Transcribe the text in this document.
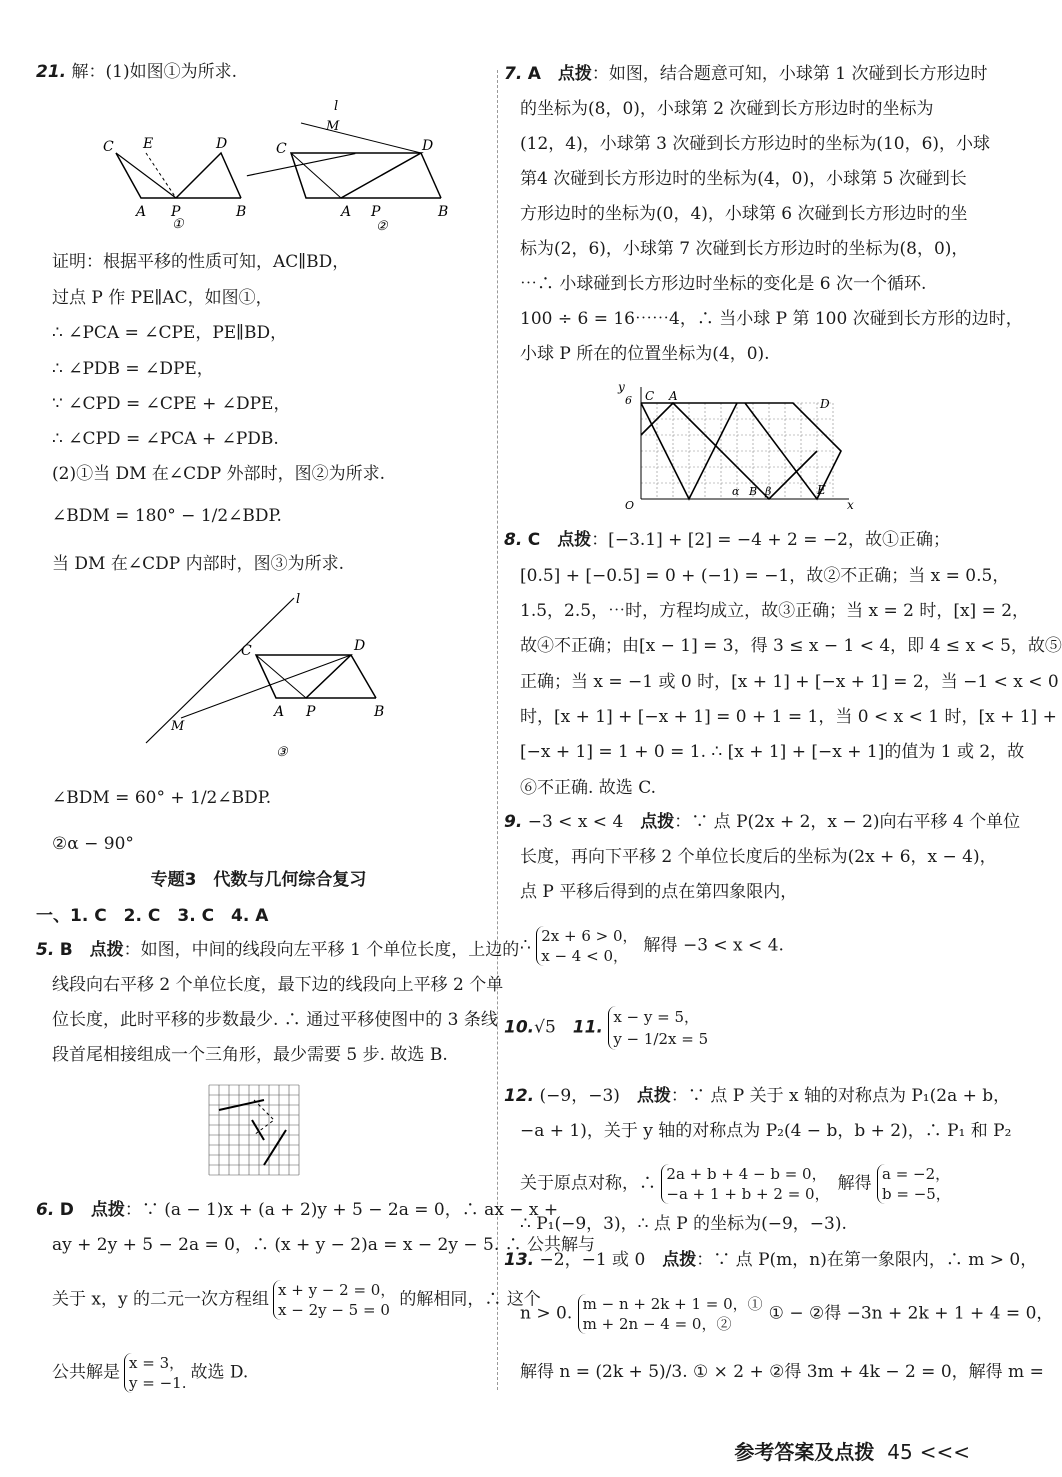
21. 解：(1)如图①为所求.
C E	D
A P	B
①
l
M
C	D
A P	B
②
证明：根据平移的性质可知，AC∥BD，
过点 P 作 PE∥AC，如图①，
∴ ∠PCA = ∠CPE，PE∥BD，
∴ ∠PDB = ∠DPE，
∵ ∠CPD = ∠CPE + ∠DPE，
∴ ∠CPD = ∠PCA + ∠PDB.
(2)①当 DM 在∠CDP 外部时，图②为所求.
∠BDM = 180° − 1/2∠BDP.
当 DM 在∠CDP 内部时，图③为所求.
l
C	D
A P	B
M
③
∠BDM = 60° + 1/2∠BDP.
②α − 90°
专题3　代数与几何综合复习
一、1. C　2. C　3. C　4. A
5. B　 点拨：如图，中间的线段向左平移 1 个单位长度，上边的
线段向右平移 2 个单位长度，最下边的线段向上平移 2 个单
位长度，此时平移的步数最少. ∴ 通过平移使图中的 3 条线
段首尾相接组成一个三角形，最少需要 5 步. 故选 B.
6. D　 点拨：∵ (a − 1)x + (a + 2)y + 5 − 2a = 0，∴ ax − x +
ay + 2y + 5 − 2a = 0，∴ (x + y − 2)a = x − 2y − 5. ∴ 公共解与
关于 x，y 的二元一次方程组 x + y − 2 = 0，
x − 2y − 5 = 0的解相同，∴ 这个
公共解是 x = 3，
y = −1.故选 D.
7. A　 点拨：如图，结合题意可知，小球第 1 次碰到长方形边时
的坐标为(8，0)，小球第 2 次碰到长方形边时的坐标为
(12，4)，小球第 3 次碰到长方形边时的坐标为(10，6)，小球
第4 次碰到长方形边时的坐标为(4，0)，小球第 5 次碰到长
方形边时的坐标为(0，4)，小球第 6 次碰到长方形边时的坐
标为(2，6)，小球第 7 次碰到长方形边时的坐标为(8，0)，
⋯∴ 小球碰到长方形边时坐标的变化是 6 次一个循环.
100 ÷ 6 = 16⋯⋯4，∴ 当小球 P 第 100 次碰到长方形的边时，
小球 P 所在的位置坐标为(4，0).
y
6 C A
D
E
O	x
α B β
8. C　 点拨：[−3.1] + [2] = −4 + 2 = −2，故①正确；
[0.5] + [−0.5] = 0 + (−1) = −1，故②不正确；当 x = 0.5，
1.5，2.5，⋯时，方程均成立，故③正确；当 x = 2 时，[x] = 2，
故④不正确；由[x − 1] = 3，得 3 ≤ x − 1 < 4，即 4 ≤ x < 5，故⑤
正确；当 x = −1 或 0 时，[x + 1] + [−x + 1] = 2，当 −1 < x < 0
时，[x + 1] + [−x + 1] = 0 + 1 = 1，当 0 < x < 1 时，[x + 1] +
[−x + 1] = 1 + 0 = 1. ∴ [x + 1] + [−x + 1]的值为 1 或 2，故
⑥不正确. 故选 C.
9. −3 < x < 4　 点拨：∵ 点 P(2x + 2，x − 2)向右平移 4 个单位
长度，再向下平移 2 个单位长度后的坐标为(2x + 6，x − 4)，
点 P 平移后得到的点在第四象限内，
∴ 2x + 6 > 0，
x − 4 < 0，解得 −3 < x < 4.
10.√5　 11. x − y = 5，
y − 1/2x = 5
12. (−9，−3)　 点拨：∵ 点 P 关于 x 轴的对称点为 P₁(2a + b，
−a + 1)，关于 y 轴的对称点为 P₂(4 − b，b + 2)，∴ P₁ 和 P₂
关于原点对称，∴ 2a + b + 4 − b = 0，
−a + 1 + b + 2 = 0，解得 a = −2，
b = −5，
∴ P₁(−9，3)，∴ 点 P 的坐标为(−9，−3).
13. −2，−1 或 0　 点拨：∵ 点 P(m，n)在第一象限内，∴ m > 0，
n > 0. m − n + 2k + 1 = 0，①
m + 2n − 4 = 0，②① − ②得 −3n + 2k + 1 + 4 = 0，
解得 n = (2k + 5)/3. ① × 2 + ②得 3m + 4k − 2 = 0，解得 m =
参考答案及点拨 45 <<<
